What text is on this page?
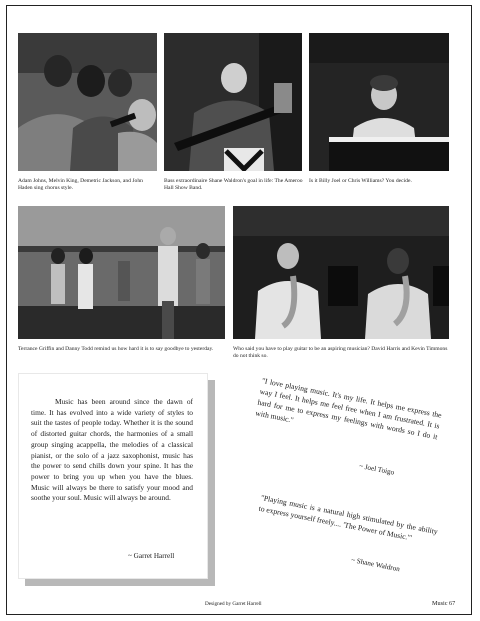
Adam Johns, Melvin King, Demetric Jackson, and John Haden sing chorus style.
Bass extraordinaire Shane Waldron's goal in life: The Ameroo Hall Show Band.
Is it Billy Joel or Chris Williams? You decide.
Terrance Griffin and Danny Todd remind us how hard it is to say goodbye to yesterday.	Who said you have to play guitar to be an aspiring musician? David Harris and Kevin Timmons do not think so.
Music has been around since the dawn of time. It has evolved into a wide variety of styles to suit the tastes of people today. Whether it is the sound of distorted guitar chords, the harmonies of a small group singing acappella, the melodies of a classical pianist, or the solo of a jazz saxophonist, music has the power to send chills down your spine. It has the power to bring you up when you have the blues. Music will always be there to satisfy your mood and soothe your soul. Music will always be around.
~ Garret Harrell
"I love playing music. It's my life. It helps me express the way I feel. It helps me feel free when I am frustrated. It is hard for me to express my feelings with words so I do it with music."
~ Joel Toigo
"Playing music is a natural high stimulated by the ability to express yourself freely.... 'The Power of Music.'"
~ Shane Waldron
Designed by Garret Harrell	Music 67
